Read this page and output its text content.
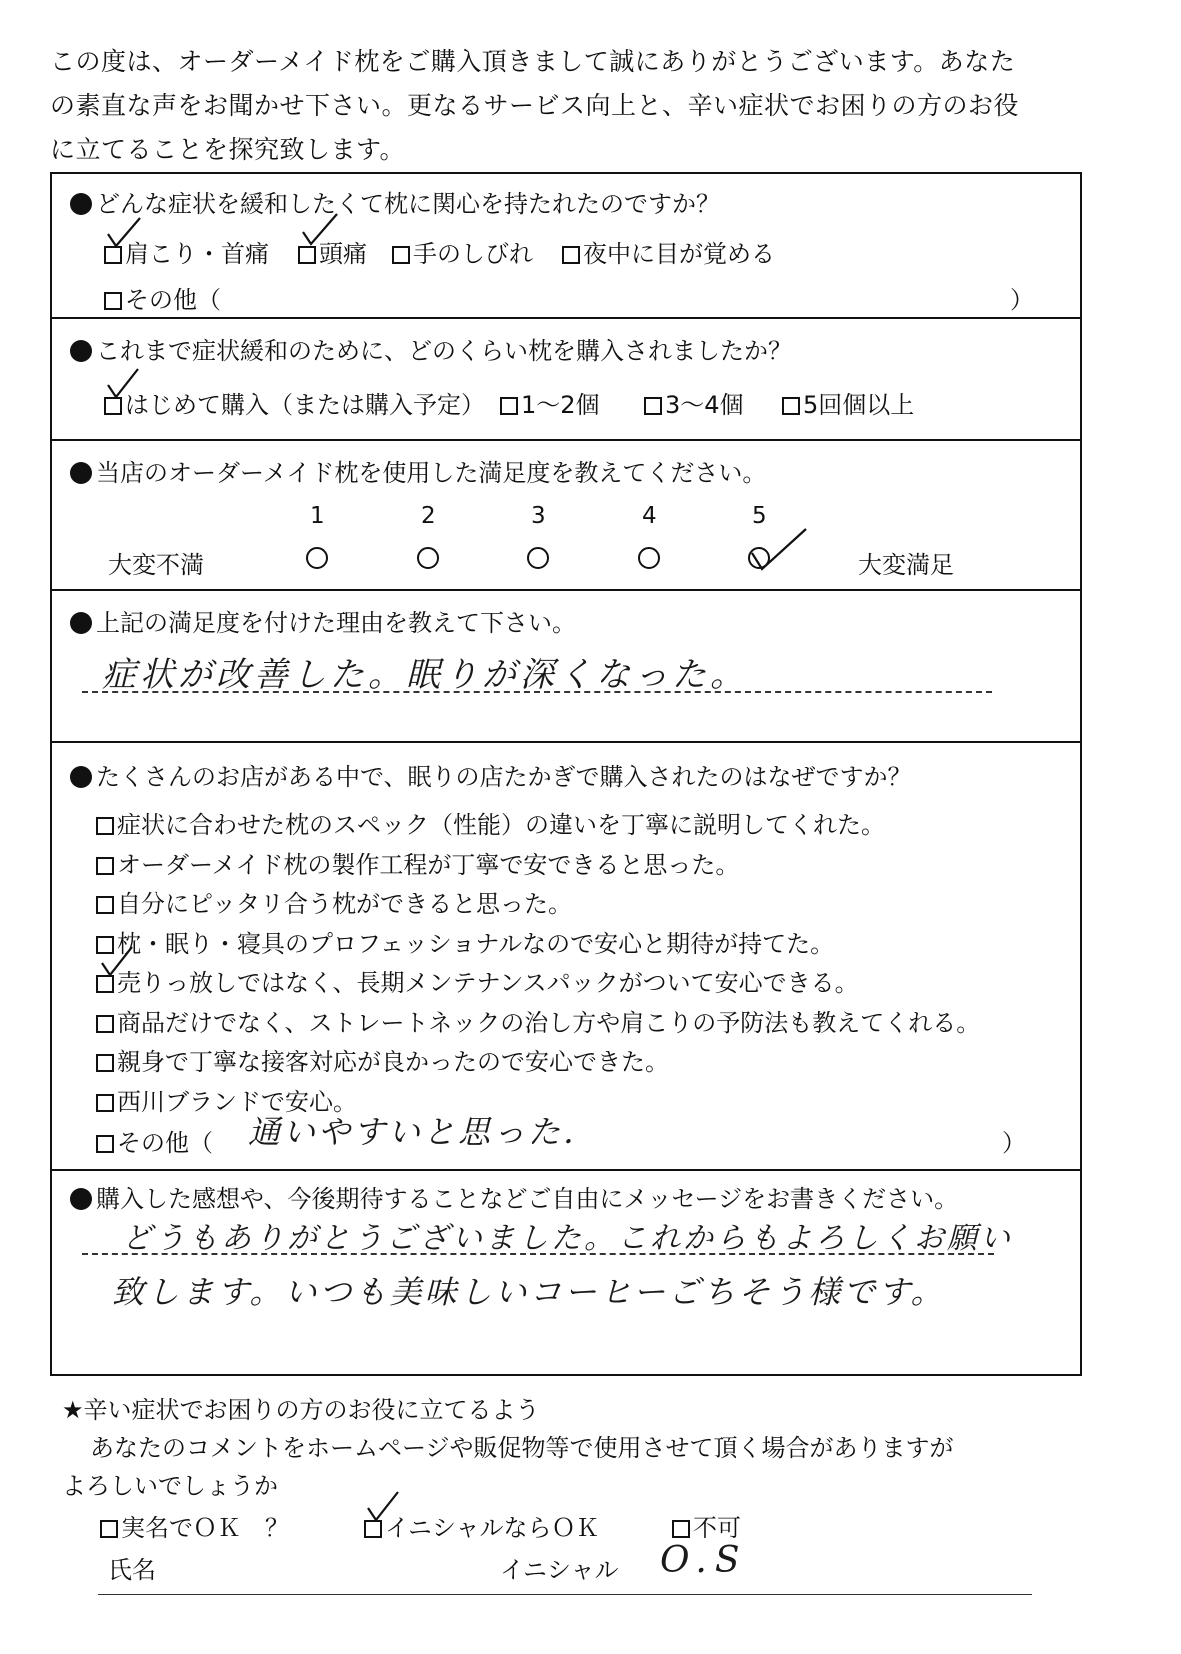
この度は、オーダーメイド枕をご購入頂きまして誠にありがとうございます。あなた
の素直な声をお聞かせ下さい。更なるサービス向上と、辛い症状でお困りの方のお役
に立てることを探究致します。
どんな症状を緩和したくて枕に関心を持たれたのですか？
肩こり・首痛	頭痛	手のしびれ	夜中に目が覚める
その他（	）
これまで症状緩和のために、どのくらい枕を購入されましたか？
はじめて購入（または購入予定）	1〜2個	3〜4個	5回個以上
当店のオーダーメイド枕を使用した満足度を教えてください。
1	2	3	4	5
大変不満	大変満足
上記の満足度を付けた理由を教えて下さい。
症状が改善した。眠りが深くなった。
たくさんのお店がある中で、眠りの店たかぎで購入されたのはなぜですか？
症状に合わせた枕のスペック（性能）の違いを丁寧に説明してくれた。
オーダーメイド枕の製作工程が丁寧で安できると思った。
自分にピッタリ合う枕ができると思った。
枕・眠り・寝具のプロフェッショナルなので安心と期待が持てた。
売りっ放しではなく、長期メンテナンスパックがついて安心できる。
商品だけでなく、ストレートネックの治し方や肩こりの予防法も教えてくれる。
親身で丁寧な接客対応が良かったので安心できた。
西川ブランドで安心。
その他（ 通いやすいと思った．	）
購入した感想や、今後期待することなどご自由にメッセージをお書きください。
どうもありがとうございました。これからもよろしくお願い
致します。いつも美味しいコーヒーごちそう様です。
★辛い症状でお困りの方のお役に立てるよう
あなたのコメントをホームページや販促物等で使用させて頂く場合がありますが
よろしいでしょうか
実名でＯＫ　？	イニシャルならＯＫ	不可
氏名	イニシャル O.S
